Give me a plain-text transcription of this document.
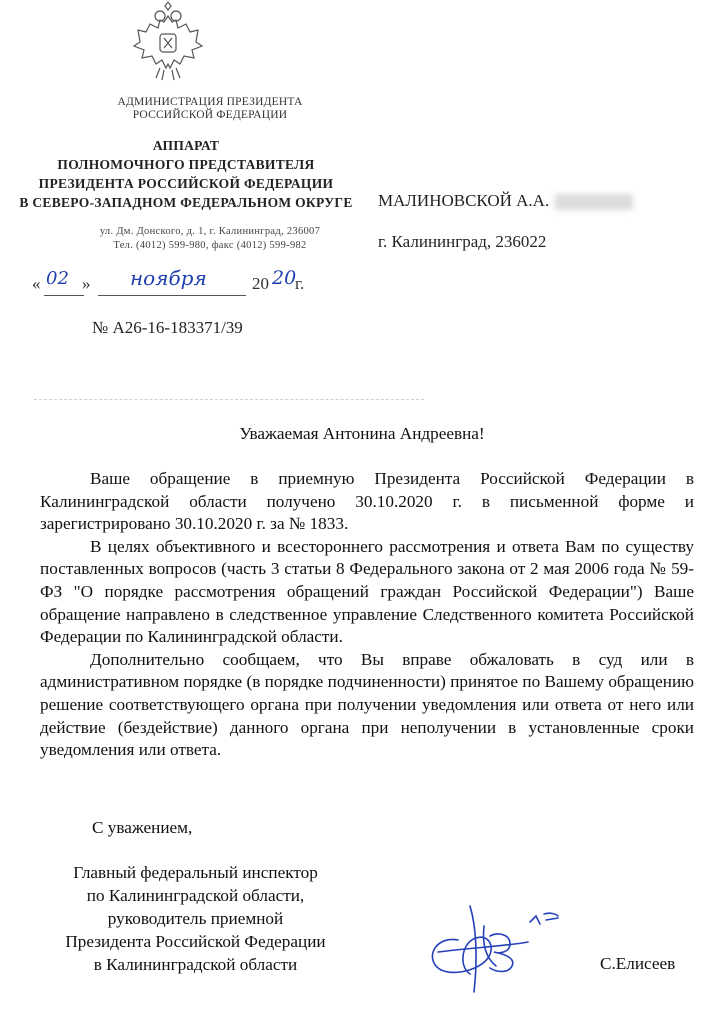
АДМИНИСТРАЦИЯ ПРЕЗИДЕНТА
РОССИЙСКОЙ ФЕДЕРАЦИИ
АППАРАТ
ПОЛНОМОЧНОГО ПРЕДСТАВИТЕЛЯ
ПРЕЗИДЕНТА РОССИЙСКОЙ ФЕДЕРАЦИИ
В СЕВЕРО-ЗАПАДНОМ ФЕДЕРАЛЬНОМ ОКРУГЕ
ул. Дм. Донского, д. 1, г. Калининград, 236007
Тел. (4012) 599-980, факс (4012) 599-982
МАЛИНОВСКОЙ А.А.
г. Калининград, 236022
« 02 » ноября	20 20
г.
№ А26-16-183371/39
Уважаемая Антонина Андреевна!

Ваше обращение в приемную Президента Российской Федерации в Калининградской области получено 30.10.2020 г. в письменной форме и зарегистрировано 30.10.2020 г. за № 1833.

В целях объективного и всестороннего рассмотрения и ответа Вам по существу поставленных вопросов (часть 3 статьи 8 Федерального закона от 2 мая 2006 года № 59-ФЗ "О порядке рассмотрения обращений граждан Российской Федерации") Ваше обращение направлено в следственное управление Следственного комитета Российской Федерации по Калининградской области.

Дополнительно сообщаем, что Вы вправе обжаловать в суд или в административном порядке (в порядке подчиненности) принятое по Вашему обращению решение соответствующего органа при получении уведомления или ответа от него или действие (бездействие) данного органа при неполучении в установленные сроки уведомления или ответа.

С уважением,
Главный федеральный инспектор
по Калининградской области,
руководитель приемной
Президента Российской Федерации
в Калининградской области	С.Елисеев
